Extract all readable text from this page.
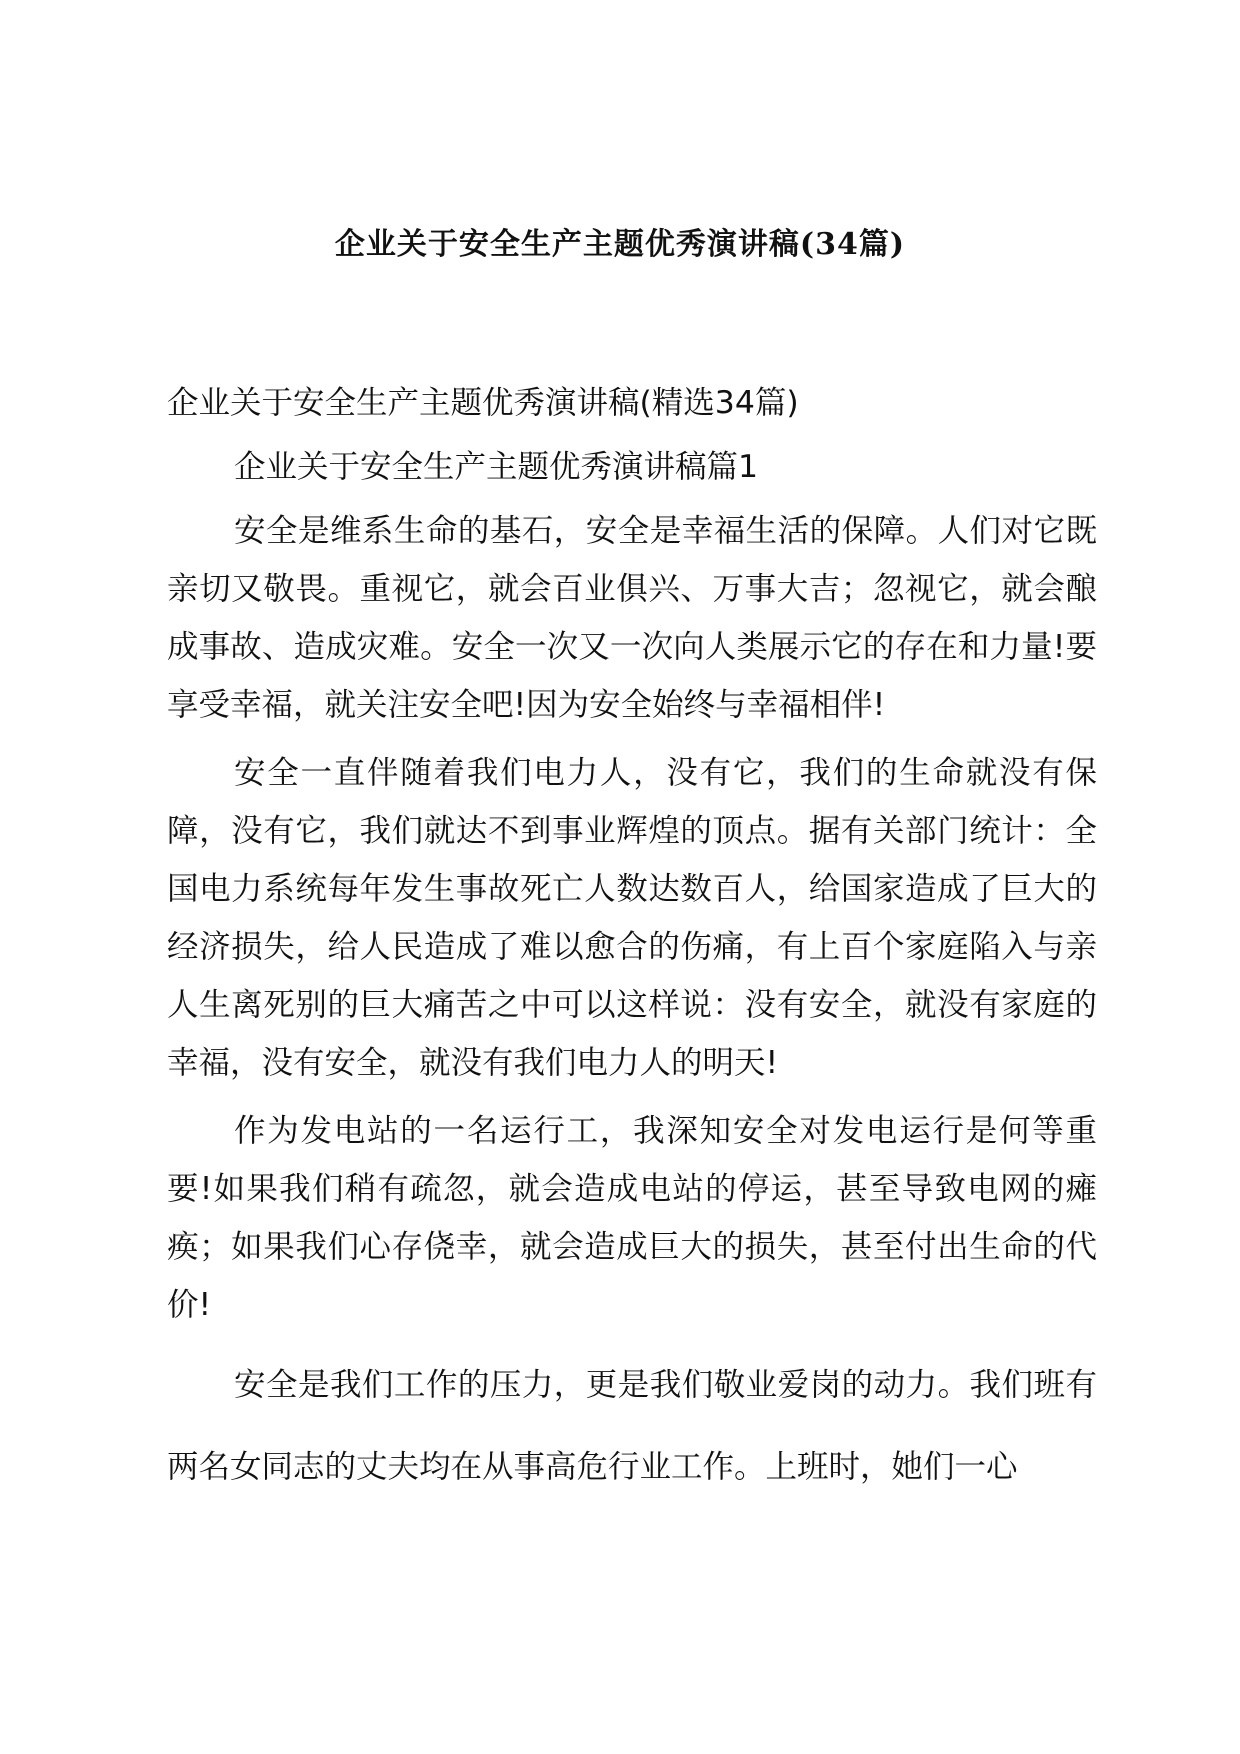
企业关于安全生产主题优秀演讲稿(34篇)

企业关于安全生产主题优秀演讲稿(精选34篇)

企业关于安全生产主题优秀演讲稿篇1

安全是维系生命的基石，安全是幸福生活的保障。人们对它既亲切又敬畏。重视它，就会百业俱兴、万事大吉；忽视它，就会酿成事故、造成灾难。安全一次又一次向人类展示它的存在和力量!要享受幸福，就关注安全吧!因为安全始终与幸福相伴!

安全一直伴随着我们电力人，没有它，我们的生命就没有保障，没有它，我们就达不到事业辉煌的顶点。据有关部门统计：全国电力系统每年发生事故死亡人数达数百人，给国家造成了巨大的经济损失，给人民造成了难以愈合的伤痛，有上百个家庭陷入与亲人生离死别的巨大痛苦之中可以这样说：没有安全，就没有家庭的幸福，没有安全，就没有我们电力人的明天!

作为发电站的一名运行工，我深知安全对发电运行是何等重要!如果我们稍有疏忽，就会造成电站的停运，甚至导致电网的瘫痪；如果我们心存侥幸，就会造成巨大的损失，甚至付出生命的代价!

安全是我们工作的压力，更是我们敬业爱岗的动力。我们班有两名女同志的丈夫均在从事高危行业工作。上班时，她们一心
